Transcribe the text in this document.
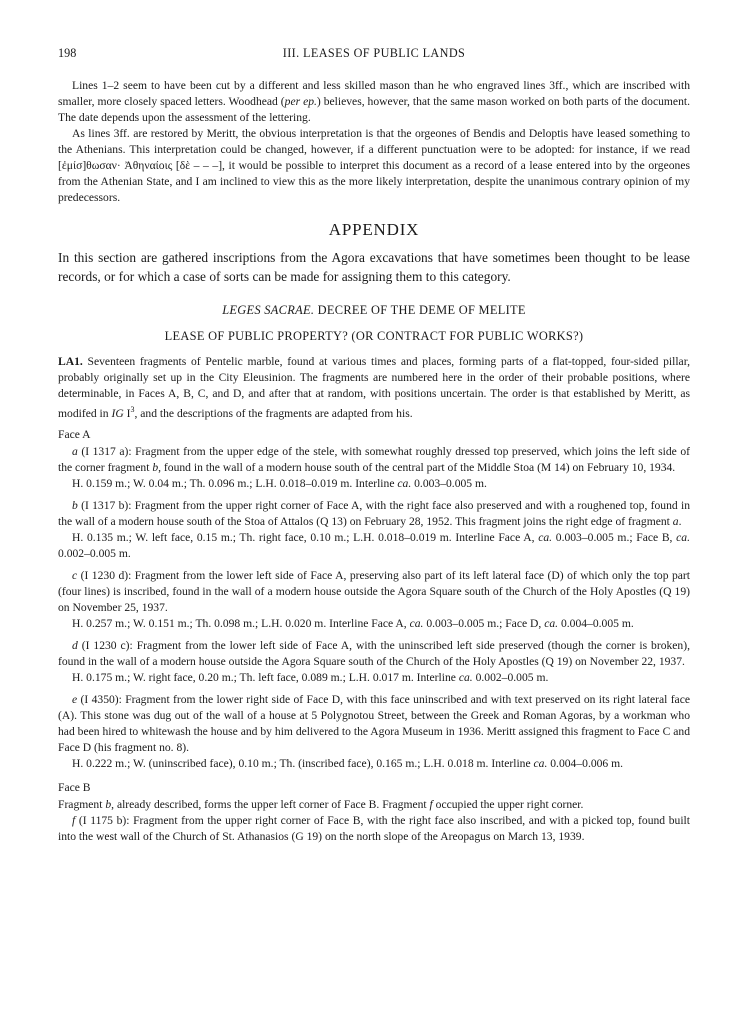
198	III. LEASES OF PUBLIC LANDS

Lines 1–2 seem to have been cut by a different and less skilled mason than he who engraved lines 3ff., which are inscribed with smaller, more closely spaced letters. Woodhead (per ep.) believes, however, that the same mason worked on both parts of the document. The date depends upon the assessment of the lettering.

As lines 3ff. are restored by Meritt, the obvious interpretation is that the orgeones of Bendis and Deloptis have leased something to the Athenians. This interpretation could be changed, however, if a different punctuation were to be adopted: for instance, if we read [ἐμίσ]θωσαν· Ἀθηναίοις [δὲ – – –], it would be possible to interpret this document as a record of a lease entered into by the orgeones from the Athenian State, and I am inclined to view this as the more likely interpretation, despite the unanimous contrary opinion of my predecessors.

APPENDIX

In this section are gathered inscriptions from the Agora excavations that have sometimes been thought to be lease records, or for which a case of sorts can be made for assigning them to this category.

LEGES SACRAE. DECREE OF THE DEME OF MELITE
LEASE OF PUBLIC PROPERTY? (OR CONTRACT FOR PUBLIC WORKS?)

LA1. Seventeen fragments of Pentelic marble, found at various times and places, forming parts of a flat-topped, four-sided pillar, probably originally set up in the City Eleusinion. The fragments are numbered here in the order of their probable positions, where determinable, in Faces A, B, C, and D, and after that at random, with positions uncertain. The order is that established by Meritt, as modifed in IG $I^3$, and the descriptions of the fragments are adapted from his.

Face A

a (I 1317 a): Fragment from the upper edge of the stele, with somewhat roughly dressed top preserved, which joins the left side of the corner fragment b, found in the wall of a modern house south of the central part of the Middle Stoa (M 14) on February 10, 1934.

H. 0.159 m.; W. 0.04 m.; Th. 0.096 m.; L.H. 0.018–0.019 m. Interline ca. 0.003–0.005 m.

b (I 1317 b): Fragment from the upper right corner of Face A, with the right face also preserved and with a roughened top, found in the wall of a modern house south of the Stoa of Attalos (Q 13) on February 28, 1952. This fragment joins the right edge of fragment a.

H. 0.135 m.; W. left face, 0.15 m.; Th. right face, 0.10 m.; L.H. 0.018–0.019 m. Interline Face A, ca. 0.003–0.005 m.; Face B, ca. 0.002–0.005 m.

c (I 1230 d): Fragment from the lower left side of Face A, preserving also part of its left lateral face (D) of which only the top part (four lines) is inscribed, found in the wall of a modern house outside the Agora Square south of the Church of the Holy Apostles (Q 19) on November 25, 1937.

H. 0.257 m.; W. 0.151 m.; Th. 0.098 m.; L.H. 0.020 m. Interline Face A, ca. 0.003–0.005 m.; Face D, ca. 0.004–0.005 m.

d (I 1230 c): Fragment from the lower left side of Face A, with the uninscribed left side preserved (though the corner is broken), found in the wall of a modern house outside the Agora Square south of the Church of the Holy Apostles (Q 19) on November 22, 1937.

H. 0.175 m.; W. right face, 0.20 m.; Th. left face, 0.089 m.; L.H. 0.017 m. Interline ca. 0.002–0.005 m.

e (I 4350): Fragment from the lower right side of Face D, with this face uninscribed and with text preserved on its right lateral face (A). This stone was dug out of the wall of a house at 5 Polygnotou Street, between the Greek and Roman Agoras, by a workman who had been hired to whitewash the house and by him delivered to the Agora Museum in 1936. Meritt assigned this fragment to Face C and Face D (his fragment no. 8).

H. 0.222 m.; W. (uninscribed face), 0.10 m.; Th. (inscribed face), 0.165 m.; L.H. 0.018 m. Interline ca. 0.004–0.006 m.

Face B

Fragment b, already described, forms the upper left corner of Face B. Fragment f occupied the upper right corner.

f (I 1175 b): Fragment from the upper right corner of Face B, with the right face also inscribed, and with a picked top, found built into the west wall of the Church of St. Athanasios (G 19) on the north slope of the Areopagus on March 13, 1939.
